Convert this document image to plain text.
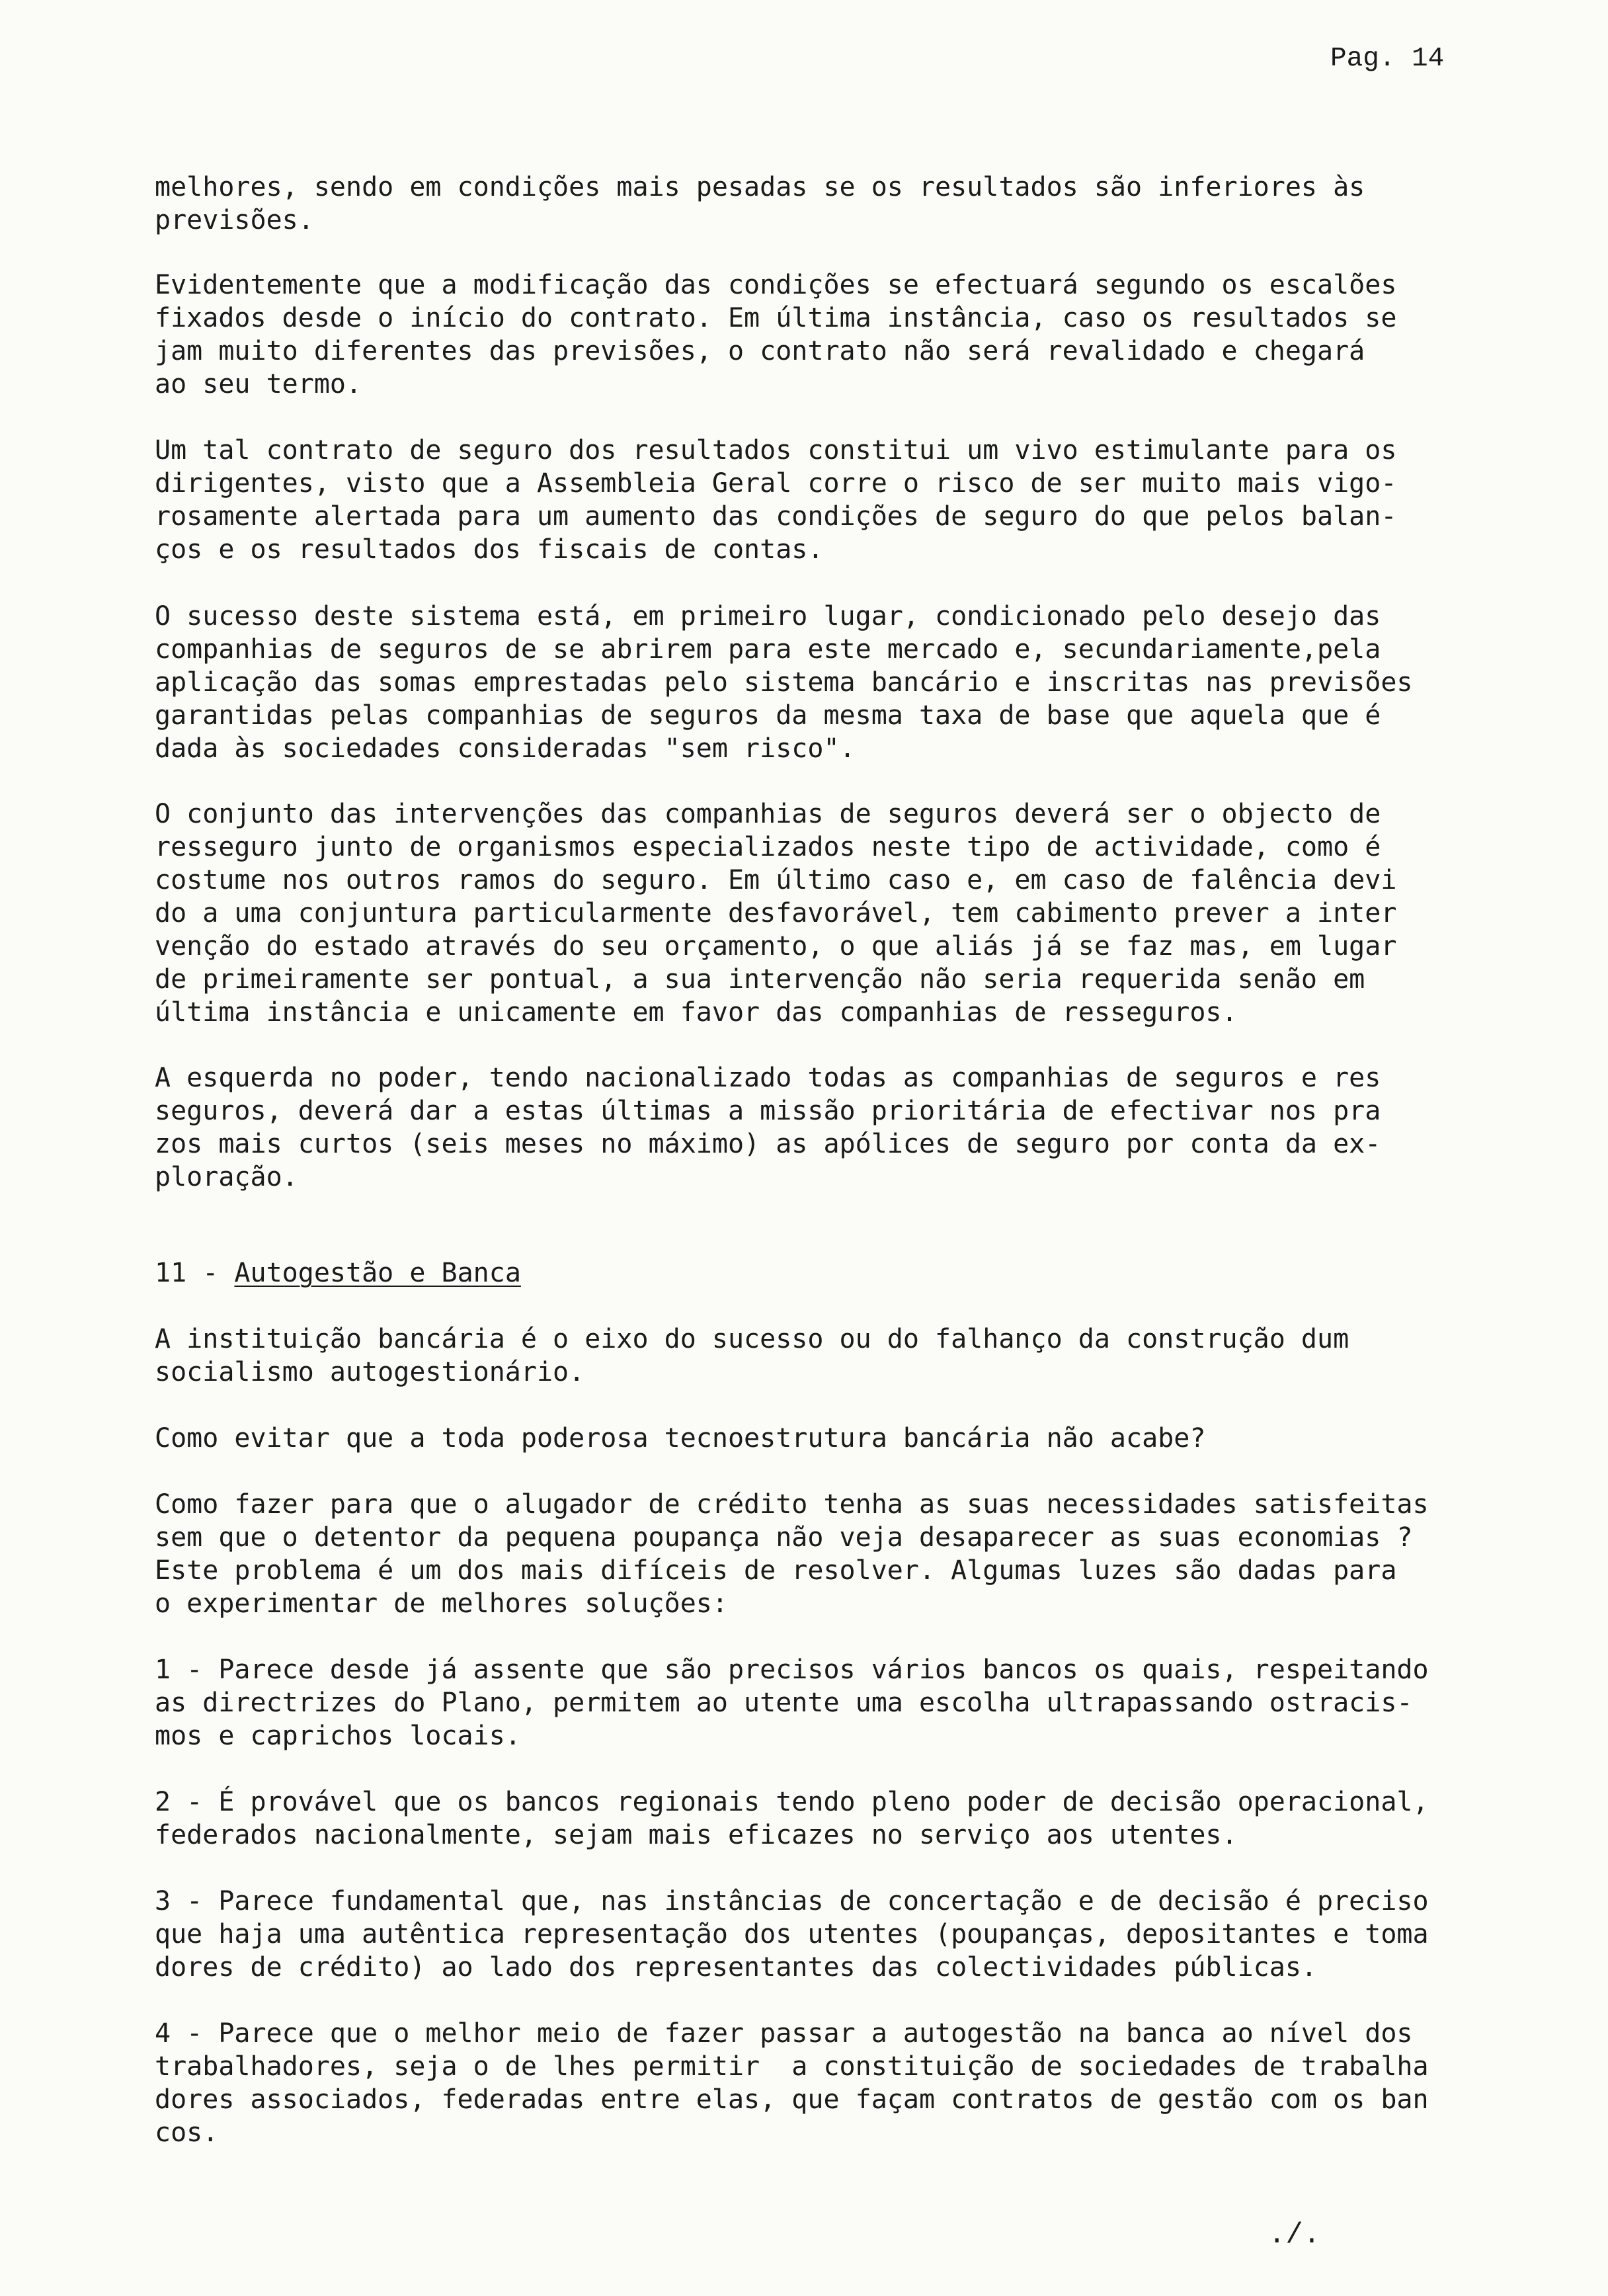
Pag. 14
melhores, sendo em condições mais pesadas se os resultados são inferiores às
previsões.
Evidentemente que a modificação das condições se efectuará segundo os escalões
fixados desde o início do contrato. Em última instância, caso os resultados se
jam muito diferentes das previsões, o contrato não será revalidado e chegará
ao seu termo.
Um tal contrato de seguro dos resultados constitui um vivo estimulante para os
dirigentes, visto que a Assembleia Geral corre o risco de ser muito mais vigo-
rosamente alertada para um aumento das condições de seguro do que pelos balan-
ços e os resultados dos fiscais de contas.
O sucesso deste sistema está, em primeiro lugar, condicionado pelo desejo das
companhias de seguros de se abrirem para este mercado e, secundariamente,pela
aplicação das somas emprestadas pelo sistema bancário e inscritas nas previsões
garantidas pelas companhias de seguros da mesma taxa de base que aquela que é
dada às sociedades consideradas "sem risco".
O conjunto das intervenções das companhias de seguros deverá ser o objecto de
resseguro junto de organismos especializados neste tipo de actividade, como é
costume nos outros ramos do seguro. Em último caso e, em caso de falência devi
do a uma conjuntura particularmente desfavorável, tem cabimento prever a inter
venção do estado através do seu orçamento, o que aliás já se faz mas, em lugar
de primeiramente ser pontual, a sua intervenção não seria requerida senão em
última instância e unicamente em favor das companhias de resseguros.
A esquerda no poder, tendo nacionalizado todas as companhias de seguros e res
seguros, deverá dar a estas últimas a missão prioritária de efectivar nos pra
zos mais curtos (seis meses no máximo) as apólices de seguro por conta da ex-
ploração.
11 - Autogestão e Banca
A instituição bancária é o eixo do sucesso ou do falhanço da construção dum
socialismo autogestionário.
Como evitar que a toda poderosa tecnoestrutura bancária não acabe?
Como fazer para que o alugador de crédito tenha as suas necessidades satisfeitas
sem que o detentor da pequena poupança não veja desaparecer as suas economias ?
Este problema é um dos mais difíceis de resolver. Algumas luzes são dadas para
o experimentar de melhores soluções:
1 - Parece desde já assente que são precisos vários bancos os quais, respeitando
as directrizes do Plano, permitem ao utente uma escolha ultrapassando ostracis-
mos e caprichos locais.
2 - É provável que os bancos regionais tendo pleno poder de decisão operacional,
federados nacionalmente, sejam mais eficazes no serviço aos utentes.
3 - Parece fundamental que, nas instâncias de concertação e de decisão é preciso
que haja uma autêntica representação dos utentes (poupanças, depositantes e toma
dores de crédito) ao lado dos representantes das colectividades públicas.
4 - Parece que o melhor meio de fazer passar a autogestão na banca ao nível dos
trabalhadores, seja o de lhes permitir  a constituição de sociedades de trabalha
dores associados, federadas entre elas, que façam contratos de gestão com os ban
cos.
./.
